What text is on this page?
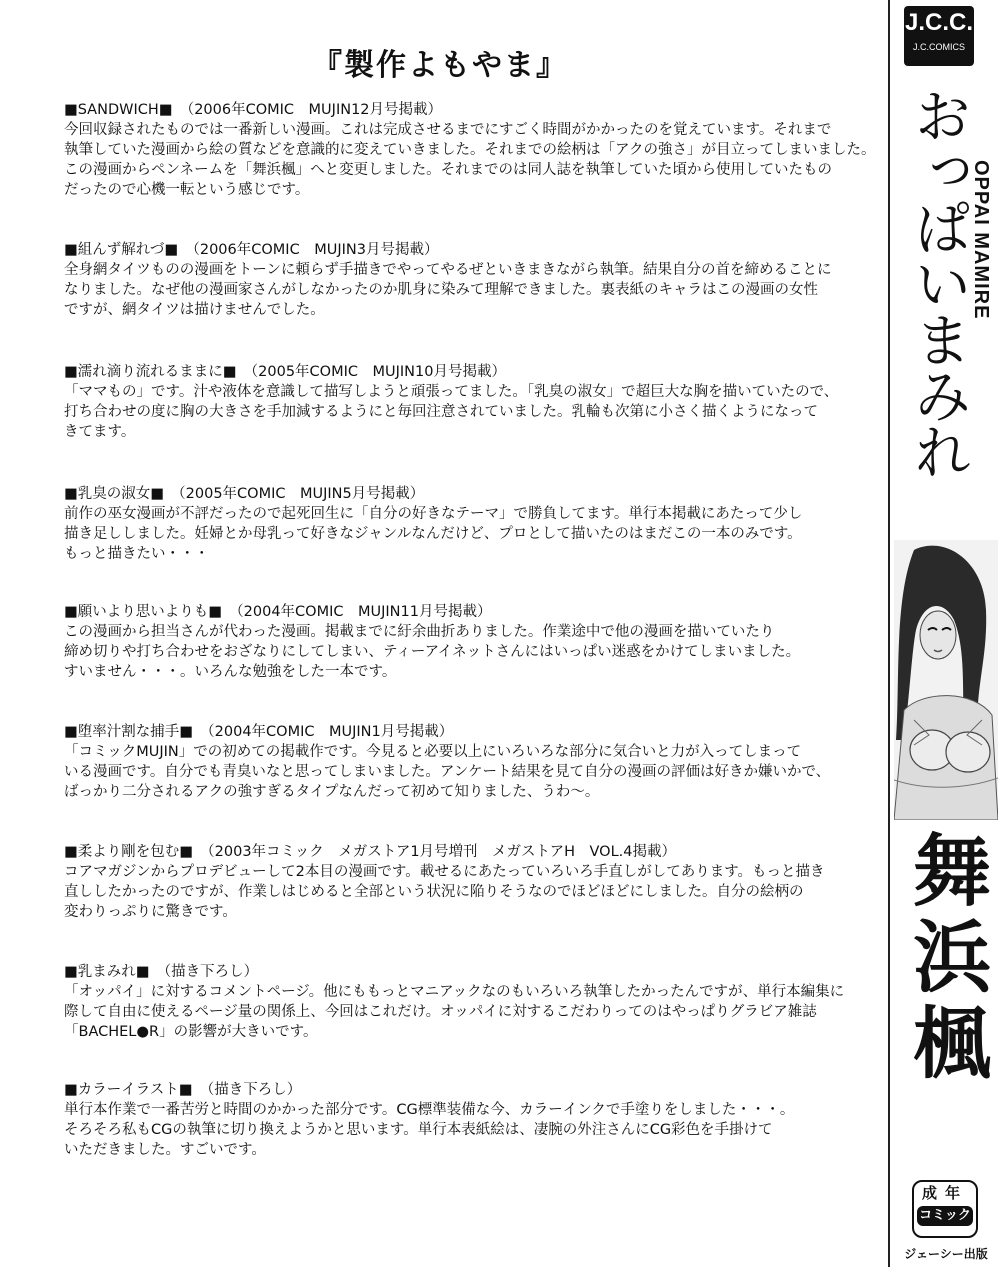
『製作よもやま』
■SANDWICH■　（2006年COMIC　MUJIN12月号掲載）
今回収録されたものでは一番新しい漫画。これは完成させるまでにすごく時間がかかったのを覚えています。それまで
執筆していた漫画から絵の質などを意識的に変えていきました。それまでの絵柄は「アクの強さ」が目立ってしまいました。
この漫画からペンネームを「舞浜楓」へと変更しました。それまでのは同人誌を執筆していた頃から使用していたもの
だったので心機一転という感じです。
■組んず解れづ■　（2006年COMIC　MUJIN3月号掲載）
全身網タイツものの漫画をトーンに頼らず手描きでやってやるぜといきまきながら執筆。結果自分の首を締めることに
なりました。なぜ他の漫画家さんがしなかったのか肌身に染みて理解できました。裏表紙のキャラはこの漫画の女性
ですが、網タイツは描けませんでした。
■濡れ滴り流れるままに■　（2005年COMIC　MUJIN10月号掲載）
「ママもの」です。汁や液体を意識して描写しようと頑張ってました。「乳臭の淑女」で超巨大な胸を描いていたので、
打ち合わせの度に胸の大きさを手加減するようにと毎回注意されていました。乳輪も次第に小さく描くようになって
きてます。
■乳臭の淑女■　（2005年COMIC　MUJIN5月号掲載）
前作の巫女漫画が不評だったので起死回生に「自分の好きなテーマ」で勝負してます。単行本掲載にあたって少し
描き足ししました。妊婦とか母乳って好きなジャンルなんだけど、プロとして描いたのはまだこの一本のみです。
もっと描きたい・・・
■願いより思いよりも■　（2004年COMIC　MUJIN11月号掲載）
この漫画から担当さんが代わった漫画。掲載までに紆余曲折ありました。作業途中で他の漫画を描いていたり
締め切りや打ち合わせをおざなりにしてしまい、ティーアイネットさんにはいっぱい迷惑をかけてしまいました。
すいません・・・。いろんな勉強をした一本です。
■堕率汁割な捕手■　（2004年COMIC　MUJIN1月号掲載）
「コミックMUJIN」での初めての掲載作です。今見ると必要以上にいろいろな部分に気合いと力が入ってしまって
いる漫画です。自分でも青臭いなと思ってしまいました。アンケート結果を見て自分の漫画の評価は好きか嫌いかで、
ばっかり二分されるアクの強すぎるタイプなんだって初めて知りました、うわ～。
■柔より剛を包む■　（2003年コミック　メガストア1月号増刊　メガストアH　VOL.4掲載）
コアマガジンからプロデビューして2本目の漫画です。載せるにあたっていろいろ手直しがしてあります。もっと描き
直ししたかったのですが、作業しはじめると全部という状況に陥りそうなのでほどほどにしました。自分の絵柄の
変わりっぷりに驚きです。
■乳まみれ■　（描き下ろし）
「オッパイ」に対するコメントページ。他にももっとマニアックなのもいろいろ執筆したかったんですが、単行本編集に
際して自由に使えるページ量の関係上、今回はこれだけ。オッパイに対するこだわりってのはやっぱりグラビア雑誌
「BACHEL●R」の影響が大きいです。
■カラーイラスト■　（描き下ろし）
単行本作業で一番苦労と時間のかかった部分です。CG標準装備な今、カラーインクで手塗りをしました・・・。
そろそろ私もCGの執筆に切り換えようかと思います。単行本表紙絵は、凄腕の外注さんにCG彩色を手掛けて
いただきました。すごいです。
J.C.C.
J.C.COMICS
おっぱいまみれ
OPPAI MAMIRE
舞浜楓
成年
コミック
ジェーシー出版
